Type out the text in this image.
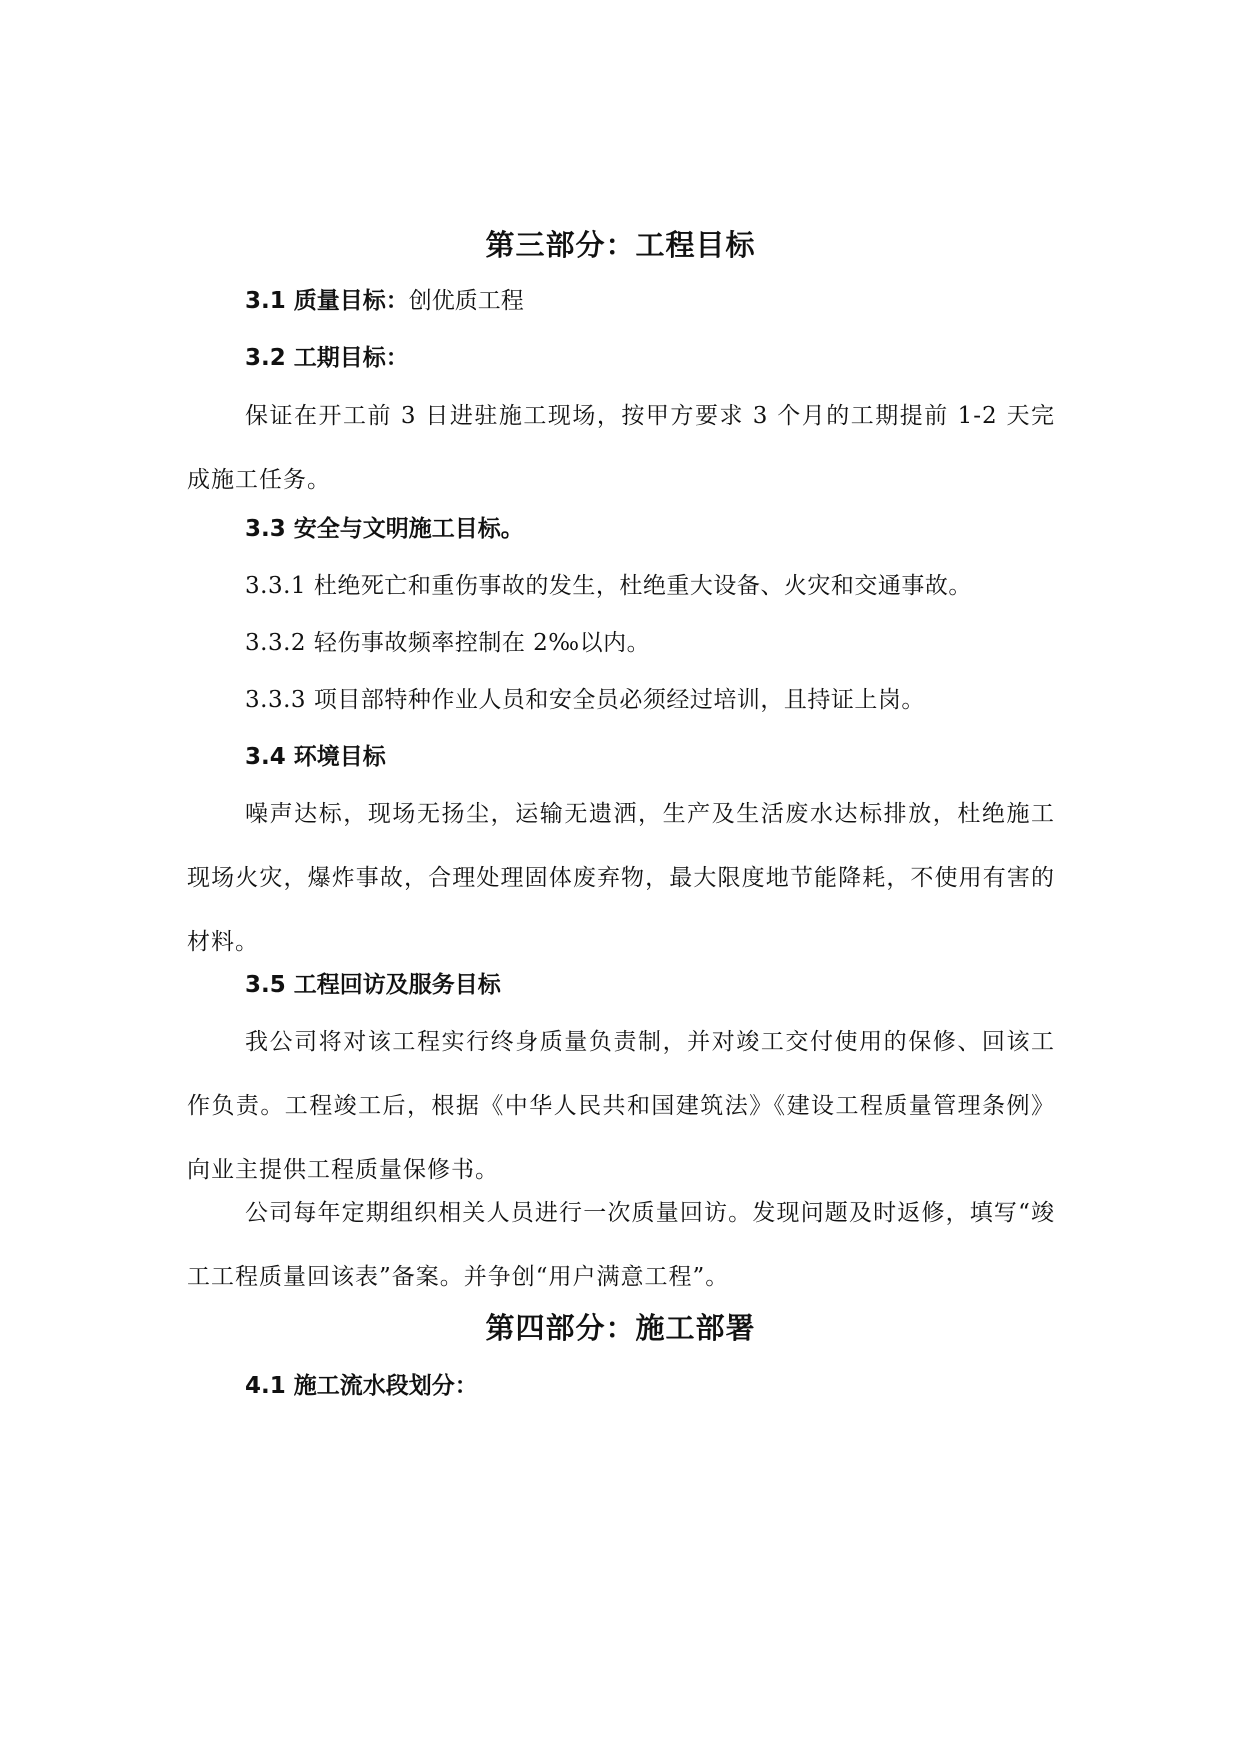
第三部分：工程目标
3.1 质量目标：创优质工程
3.2 工期目标：
保证在开工前 3 日进驻施工现场，按甲方要求 3 个月的工期提前 1-2 天完成施工任务。
3.3 安全与文明施工目标。
3.3.1 杜绝死亡和重伤事故的发生，杜绝重大设备、火灾和交通事故。
3.3.2 轻伤事故频率控制在 2‰以内。
3.3.3 项目部特种作业人员和安全员必须经过培训，且持证上岗。
3.4 环境目标
噪声达标，现场无扬尘，运输无遗洒，生产及生活废水达标排放，杜绝施工现场火灾，爆炸事故，合理处理固体废弃物，最大限度地节能降耗，不使用有害的材料。
3.5 工程回访及服务目标
我公司将对该工程实行终身质量负责制，并对竣工交付使用的保修、回该工作负责。工程竣工后，根据《中华人民共和国建筑法》《建设工程质量管理条例》向业主提供工程质量保修书。
公司每年定期组织相关人员进行一次质量回访。发现问题及时返修，填写“竣工工程质量回该表”备案。并争创“用户满意工程”。
第四部分：施工部署
4.1 施工流水段划分：
